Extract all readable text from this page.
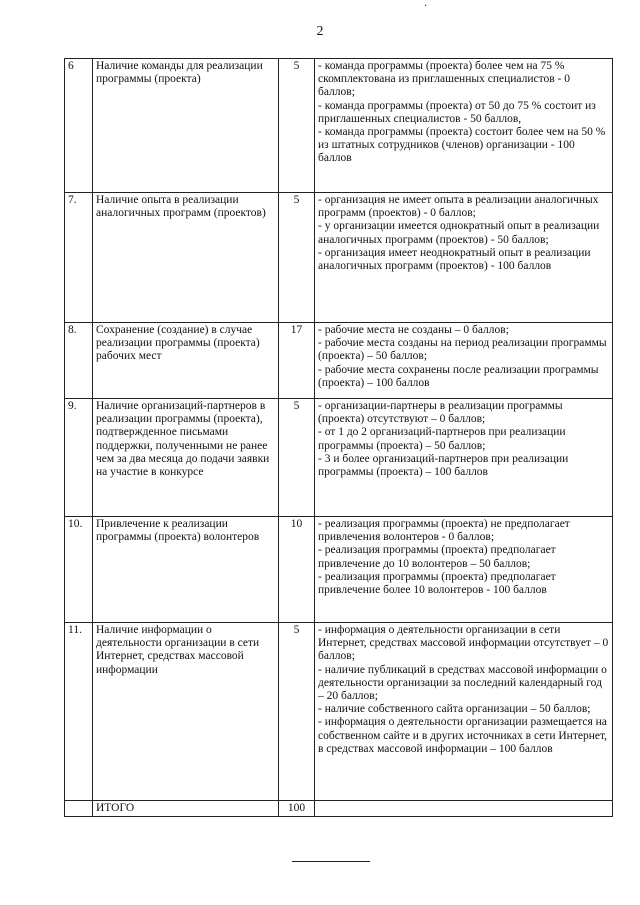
2
·
6	Наличие команды для реализации программы (проекта)	5	- команда программы (проекта) более чем на 75 % скомплектована из приглашенных специалистов - 0 баллов;
- команда программы (проекта) от 50 до 75 % состоит из приглашенных специалистов - 50 баллов,
- команда программы (проекта) состоит более чем на 50 % из штатных сотрудников (членов) организации - 100 баллов

7.	Наличие опыта в реализации аналогичных программ (проектов)	5	- организация не имеет опыта в реализации аналогичных программ (проектов) - 0 баллов;
- у организации имеется однократный опыт в реализации аналогичных программ (проектов) - 50 баллов;
- организация имеет неоднократный опыт в реализации аналогичных программ (проектов) - 100 баллов

8.	Сохранение (создание) в случае реализации программы (проекта) рабочих мест	17	- рабочие места не созданы – 0 баллов;
- рабочие места созданы на период реализации программы (проекта) – 50 баллов;
- рабочие места сохранены после реализации программы (проекта) – 100 баллов

9.	Наличие организаций-партнеров в реализации программы (проекта), подтвержденное письмами поддержки, полученными не ранее чем за два месяца до подачи заявки на участие в конкурсе	5	- организации-партнеры в реализации программы (проекта) отсутствуют – 0 баллов;
- от 1 до 2 организаций-партнеров при реализации программы (проекта) – 50 баллов;
- 3 и более организаций-партнеров при реализации программы (проекта) – 100 баллов

10.	Привлечение к реализации программы (проекта) волонтеров	10	- реализация программы (проекта) не предполагает привлечения волонтеров - 0 баллов;
- реализация программы (проекта) предполагает привлечение до 10 волонтеров – 50 баллов;
- реализация программы (проекта) предполагает привлечение более 10 волонтеров - 100 баллов

11.	Наличие информации о деятельности организации в сети Интернет, средствах массовой информации	5	- информация о деятельности организации в сети Интернет, средствах массовой информации отсутствует – 0 баллов;
- наличие публикаций в средствах массовой информации о деятельности организации за последний календарный год – 20 баллов;
- наличие собственного сайта организации – 50 баллов;
- информация о деятельности организации размещается на собственном сайте и в других источниках в сети Интернет, в средствах массовой информации – 100 баллов

	ИТОГО	100	
